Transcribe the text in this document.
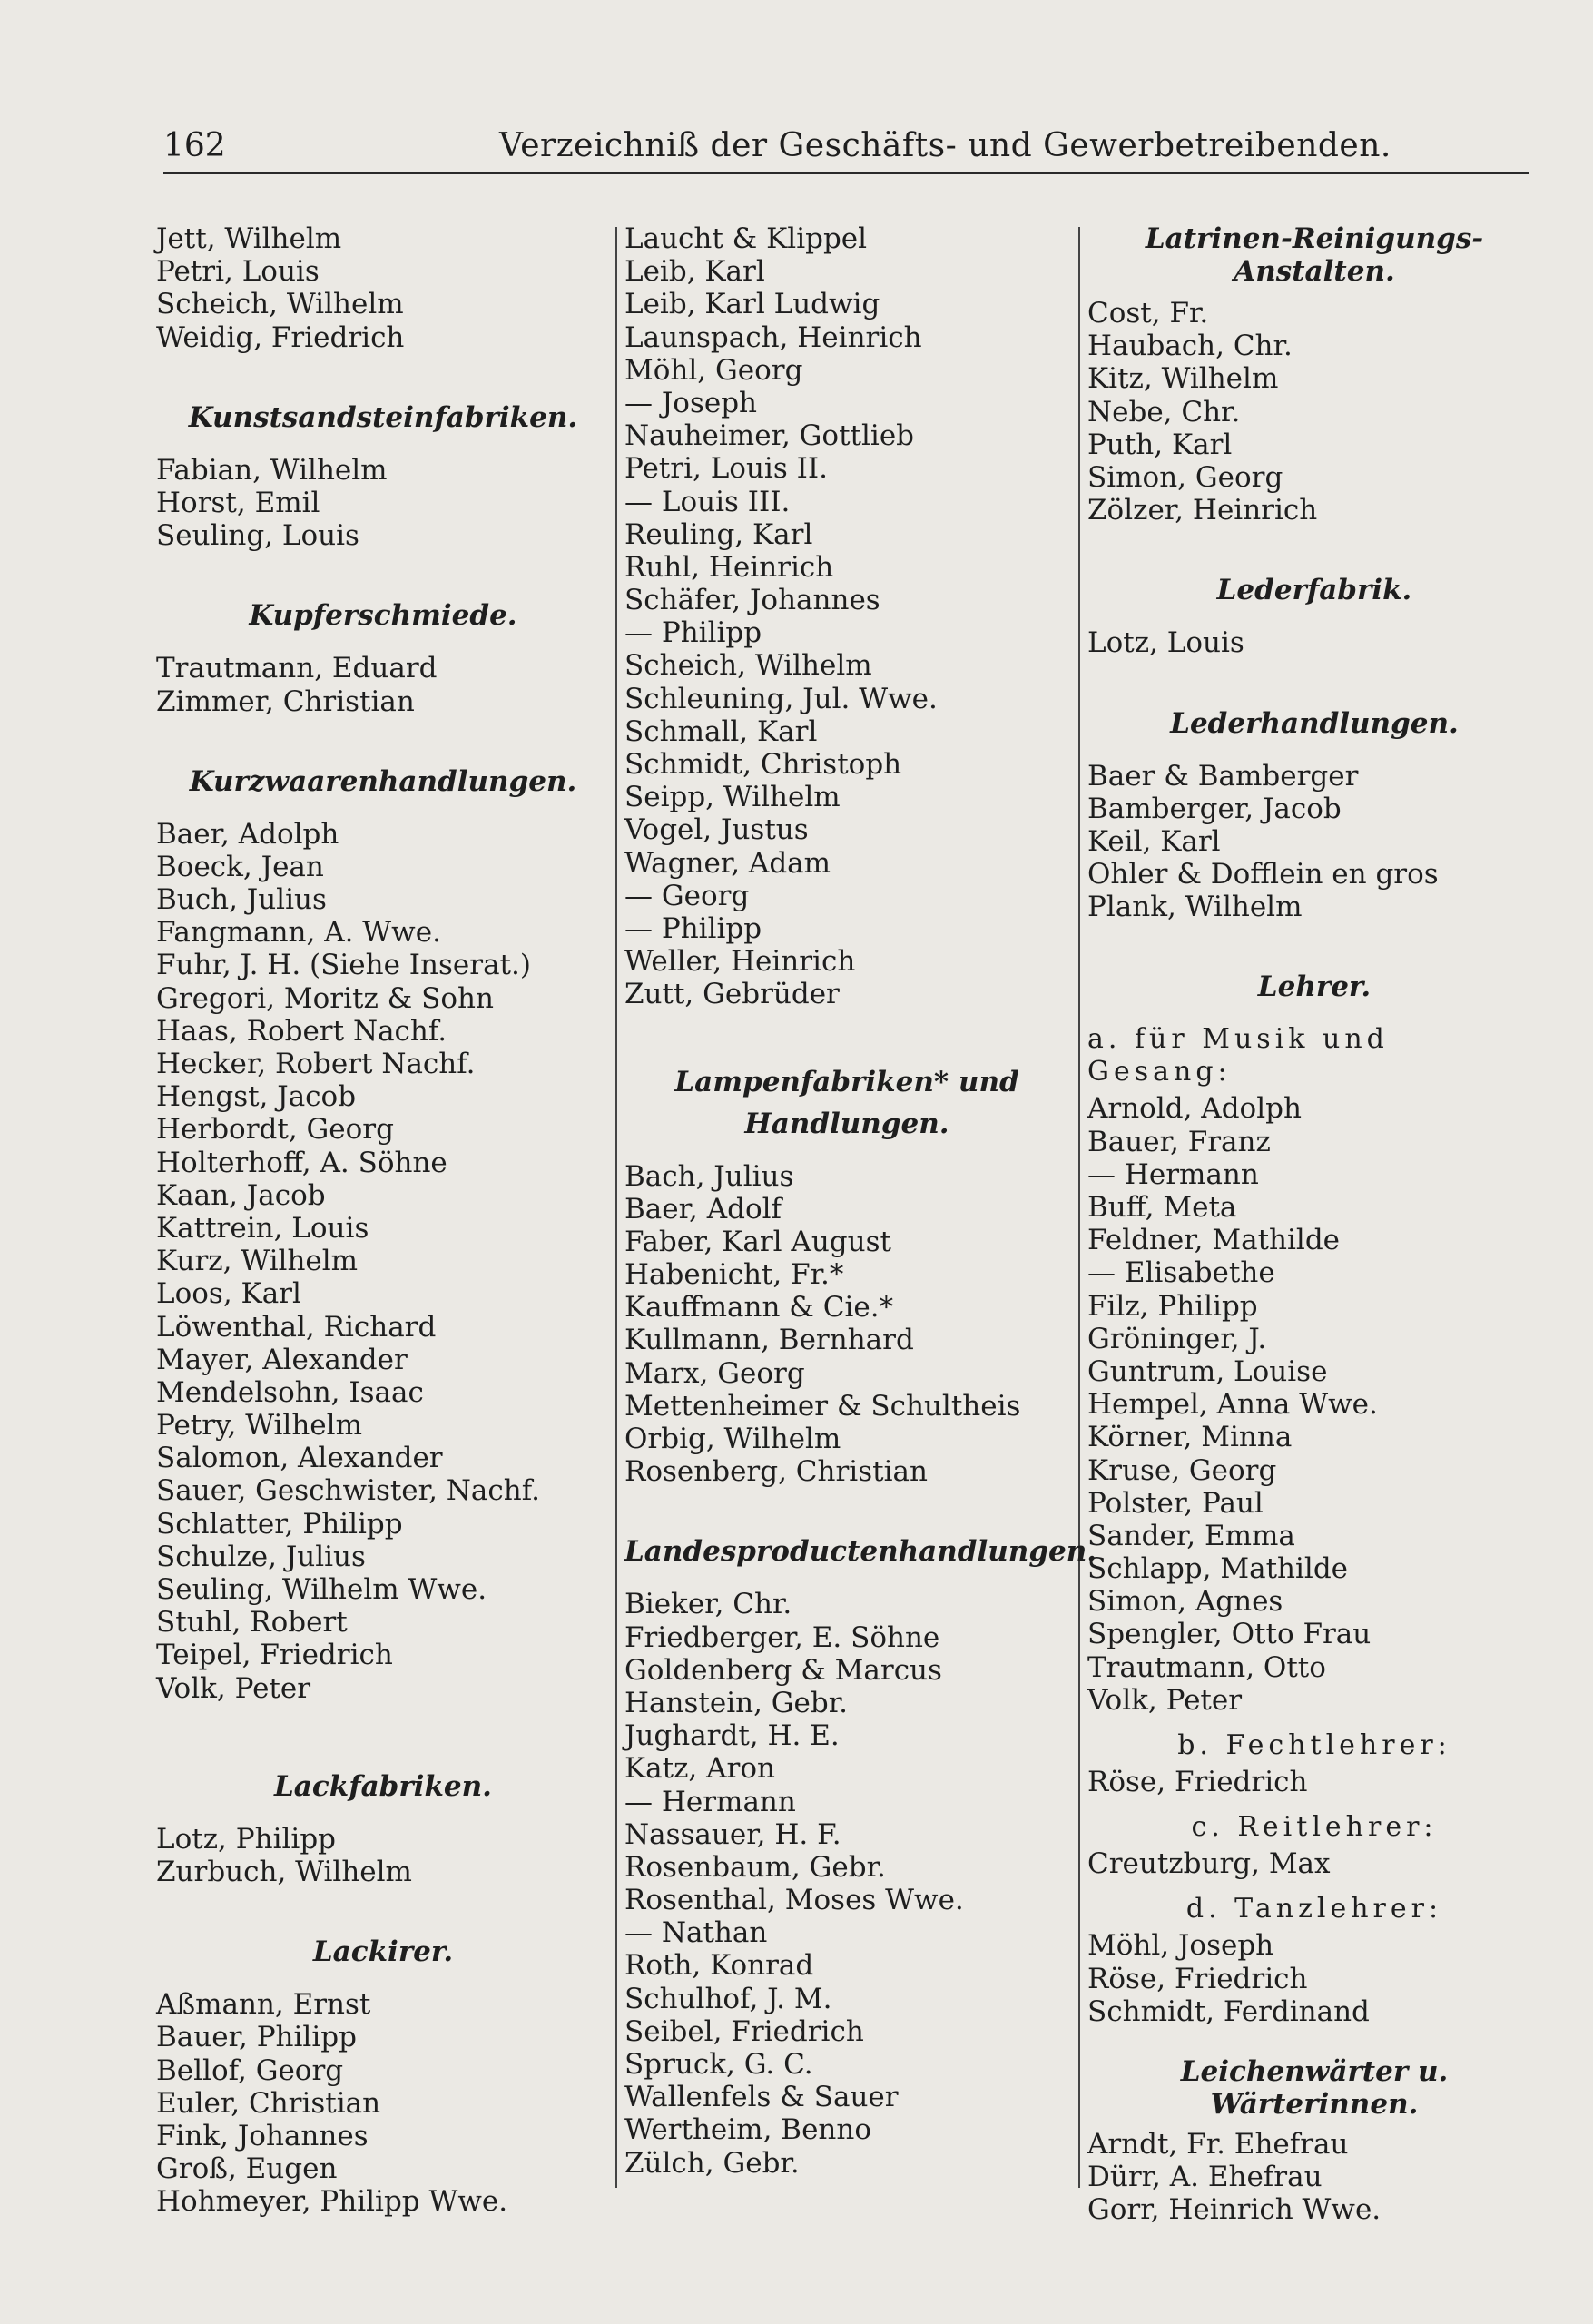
162	Verzeichniß der Geschäfts- und Gewerbetreibenden.
Jett, Wilhelm
Petri, Louis
Scheich, Wilhelm
Weidig, Friedrich
Kunstsandsteinfabriken.
Fabian, Wilhelm
Horst, Emil
Seuling, Louis
Kupferschmiede.
Trautmann, Eduard
Zimmer, Christian
Kurzwaarenhandlungen.
Baer, Adolph
Boeck, Jean
Buch, Julius
Fangmann, A. Wwe.
Fuhr, J. H. (Siehe Inserat.)
Gregori, Moritz & Sohn
Haas, Robert Nachf.
Hecker, Robert Nachf.
Hengst, Jacob
Herbordt, Georg
Holterhoff, A. Söhne
Kaan, Jacob
Kattrein, Louis
Kurz, Wilhelm
Loos, Karl
Löwenthal, Richard
Mayer, Alexander
Mendelsohn, Isaac
Petry, Wilhelm
Salomon, Alexander
Sauer, Geschwister, Nachf.
Schlatter, Philipp
Schulze, Julius
Seuling, Wilhelm Wwe.
Stuhl, Robert
Teipel, Friedrich
Volk, Peter
Lackfabriken.
Lotz, Philipp
Zurbuch, Wilhelm
Lackirer.
Aßmann, Ernst
Bauer, Philipp
Bellof, Georg
Euler, Christian
Fink, Johannes
Groß, Eugen
Hohmeyer, Philipp Wwe.
Laucht & Klippel
Leib, Karl
Leib, Karl Ludwig
Launspach, Heinrich
Möhl, Georg
— Joseph
Nauheimer, Gottlieb
Petri, Louis II.
— Louis III.
Reuling, Karl
Ruhl, Heinrich
Schäfer, Johannes
— Philipp
Scheich, Wilhelm
Schleuning, Jul. Wwe.
Schmall, Karl
Schmidt, Christoph
Seipp, Wilhelm
Vogel, Justus
Wagner, Adam
— Georg
— Philipp
Weller, Heinrich
Zutt, Gebrüder
Lampenfabriken* und
Handlungen.
Bach, Julius
Baer, Adolf
Faber, Karl August
Habenicht, Fr.*
Kauffmann & Cie.*
Kullmann, Bernhard
Marx, Georg
Mettenheimer & Schultheis
Orbig, Wilhelm
Rosenberg, Christian
Landesproductenhandlungen.
Bieker, Chr.
Friedberger, E. Söhne
Goldenberg & Marcus
Hanstein, Gebr.
Jughardt, H. E.
Katz, Aron
— Hermann
Nassauer, H. F.
Rosenbaum, Gebr.
Rosenthal, Moses Wwe.
— Nathan
Roth, Konrad
Schulhof, J. M.
Seibel, Friedrich
Spruck, G. C.
Wallenfels & Sauer
Wertheim, Benno
Zülch, Gebr.
Latrinen-Reinigungs-
Anstalten.
Cost, Fr.
Haubach, Chr.
Kitz, Wilhelm
Nebe, Chr.
Puth, Karl
Simon, Georg
Zölzer, Heinrich
Lederfabrik.
Lotz, Louis
Lederhandlungen.
Baer & Bamberger
Bamberger, Jacob
Keil, Karl
Ohler & Dofflein en gros
Plank, Wilhelm
Lehrer.
a. für Musik und Gesang:
Arnold, Adolph
Bauer, Franz
— Hermann
Buff, Meta
Feldner, Mathilde
— Elisabethe
Filz, Philipp
Gröninger, J.
Guntrum, Louise
Hempel, Anna Wwe.
Körner, Minna
Kruse, Georg
Polster, Paul
Sander, Emma
Schlapp, Mathilde
Simon, Agnes
Spengler, Otto Frau
Trautmann, Otto
Volk, Peter
b. Fechtlehrer:
Röse, Friedrich
c. Reitlehrer:
Creutzburg, Max
d. Tanzlehrer:
Möhl, Joseph
Röse, Friedrich
Schmidt, Ferdinand
Leichenwärter u. Wärterinnen.
Arndt, Fr. Ehefrau
Dürr, A. Ehefrau
Gorr, Heinrich Wwe.
